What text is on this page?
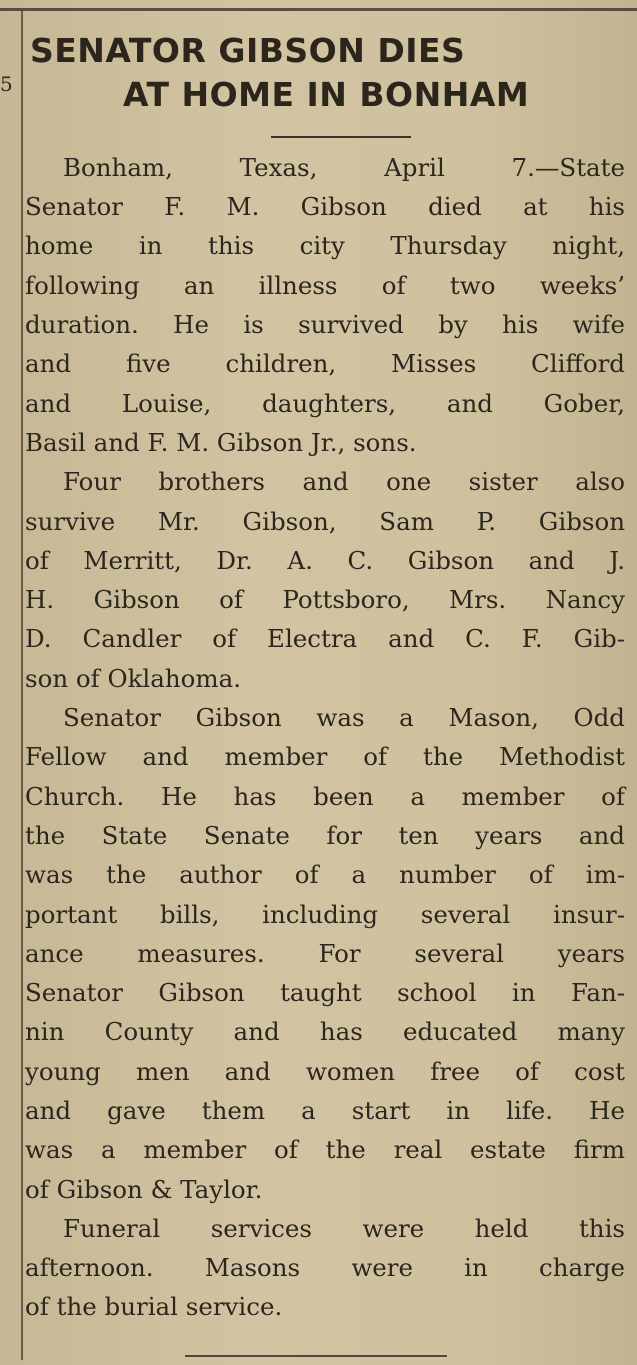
5
SENATOR GIBSON DIES
AT HOME IN BONHAM
Bonham, Texas, April 7.—State
Senator F. M. Gibson died at his
home in this city Thursday night,
following an illness of two weeks’
duration. He is survived by his wife
and five children, Misses Clifford
and Louise, daughters, and Gober,
Basil and F. M. Gibson Jr., sons.
Four brothers and one sister also
survive Mr. Gibson, Sam P. Gibson
of Merritt, Dr. A. C. Gibson and J.
H. Gibson of Pottsboro, Mrs. Nancy
D. Candler of Electra and C. F. Gib-
son of Oklahoma.
Senator Gibson was a Mason, Odd
Fellow and member of the Methodist
Church. He has been a member of
the State Senate for ten years and
was the author of a number of im-
portant bills, including several insur-
ance measures. For several years
Senator Gibson taught school in Fan-
nin County and has educated many
young men and women free of cost
and gave them a start in life. He
was a member of the real estate firm
of Gibson & Taylor.
Funeral services were held this
afternoon. Masons were in charge
of the burial service.
